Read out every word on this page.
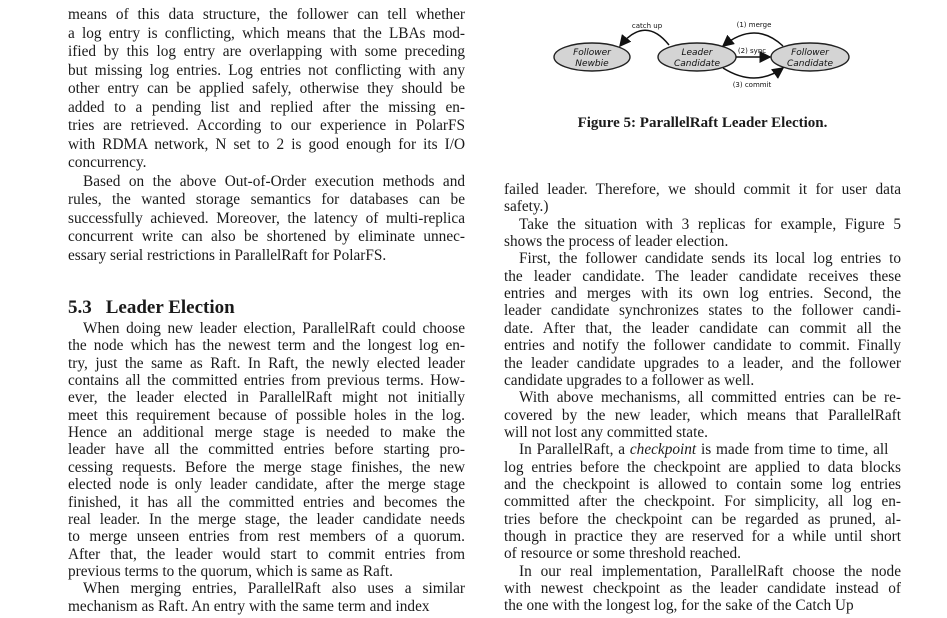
means of this data structure, the follower can tell whether
a log entry is conflicting, which means that the LBAs mod-
ified by this log entry are overlapping with some preceding
but missing log entries. Log entries not conflicting with any
other entry can be applied safely, otherwise they should be
added to a pending list and replied after the missing en-
tries are retrieved. According to our experience in PolarFS
with RDMA network, N set to 2 is good enough for its I/O
concurrency.
Based on the above Out-of-Order execution methods and
rules, the wanted storage semantics for databases can be
successfully achieved. Moreover, the latency of multi-replica
concurrent write can also be shortened by eliminate unnec-
essary serial restrictions in ParallelRaft for PolarFS.
When doing new leader election, ParallelRaft could choose
the node which has the newest term and the longest log en-
try, just the same as Raft. In Raft, the newly elected leader
contains all the committed entries from previous terms. How-
ever, the leader elected in ParallelRaft might not initially
meet this requirement because of possible holes in the log.
Hence an additional merge stage is needed to make the
leader have all the committed entries before starting pro-
cessing requests. Before the merge stage finishes, the new
elected node is only leader candidate, after the merge stage
finished, it has all the committed entries and becomes the
real leader. In the merge stage, the leader candidate needs
to merge unseen entries from rest members of a quorum.
After that, the leader would start to commit entries from
previous terms to the quorum, which is same as Raft.
When merging entries, ParallelRaft also uses a similar
mechanism as Raft. An entry with the same term and index
5.3 Leader Election
Follower
Newbie
Leader
Candidate
Follower
Candidate
catch up	(1) merge
(2) sync
(3) commit
Figure 5: ParallelRaft Leader Election.
failed leader. Therefore, we should commit it for user data
safety.)
Take the situation with 3 replicas for example, Figure 5
shows the process of leader election.
First, the follower candidate sends its local log entries to
the leader candidate. The leader candidate receives these
entries and merges with its own log entries. Second, the
leader candidate synchronizes states to the follower candi-
date. After that, the leader candidate can commit all the
entries and notify the follower candidate to commit. Finally
the leader candidate upgrades to a leader, and the follower
candidate upgrades to a follower as well.
With above mechanisms, all committed entries can be re-
covered by the new leader, which means that ParallelRaft
will not lost any committed state.
In ParallelRaft, a checkpoint is made from time to time, all
log entries before the checkpoint are applied to data blocks
and the checkpoint is allowed to contain some log entries
committed after the checkpoint. For simplicity, all log en-
tries before the checkpoint can be regarded as pruned, al-
though in practice they are reserved for a while until short
of resource or some threshold reached.
In our real implementation, ParallelRaft choose the node
with newest checkpoint as the leader candidate instead of
the one with the longest log, for the sake of the Catch Up
